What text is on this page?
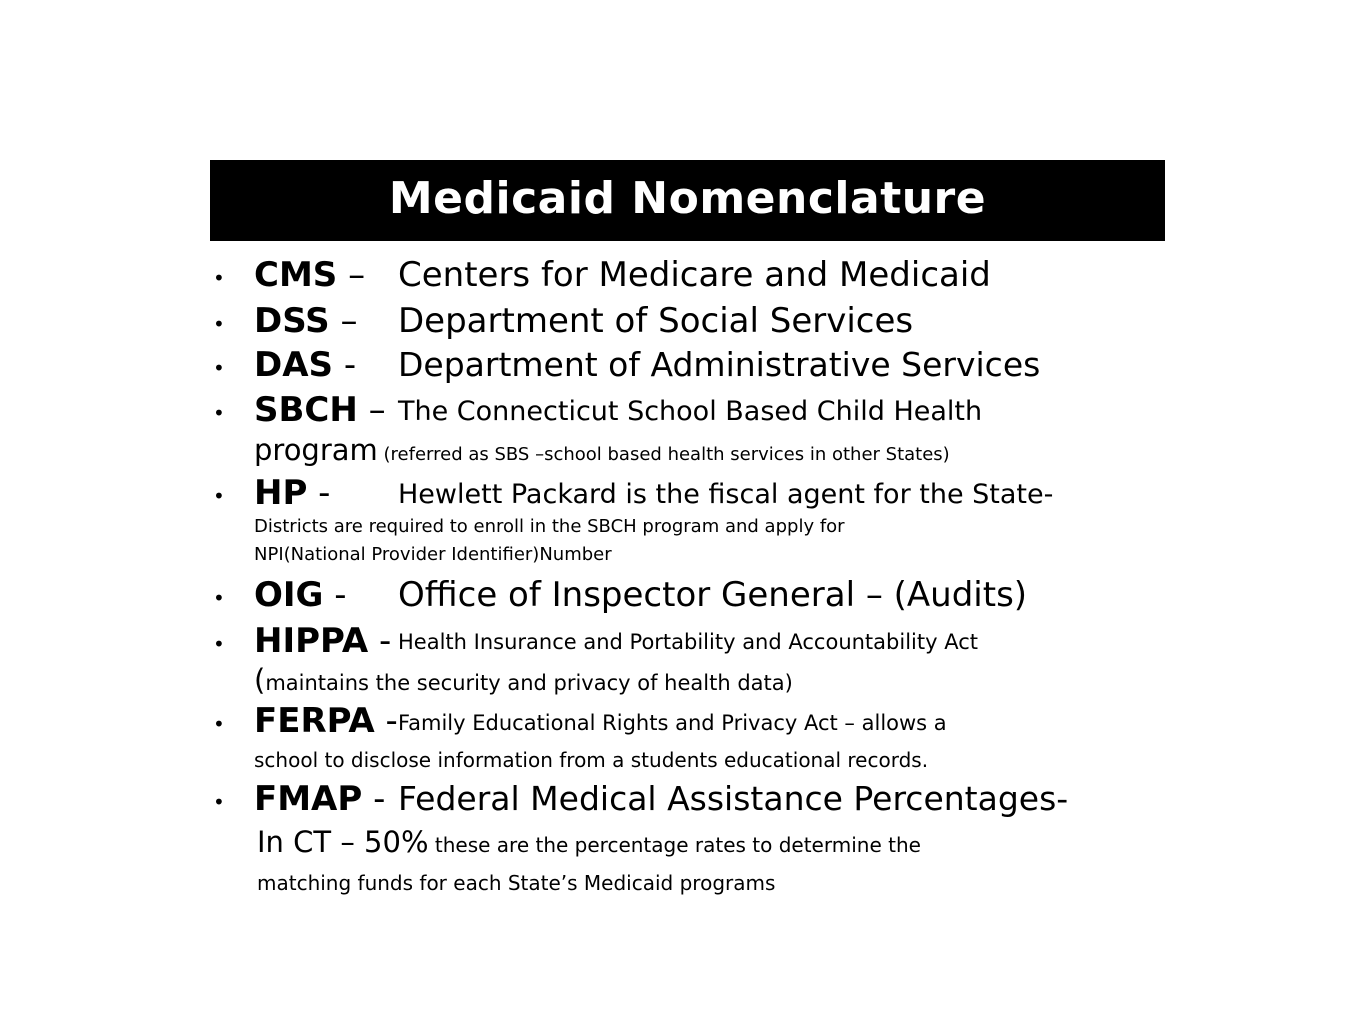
Medicaid Nomenclature
• CMS – Centers for Medicare and Medicaid
• DSS – Department of Social Services
• DAS - Department of Administrative Services
• SBCH – The Connecticut School Based Child Health
program (referred as SBS –school based health services in other States)
• HP -	Hewlett Packard is the fiscal agent for the State-
Districts are required to enroll in the SBCH program and apply for
NPI(National Provider Identifier)Number
• OIG - Office of Inspector General – (Audits)
• HIPPA - Health Insurance and Portability and Accountability Act
(maintains the security and privacy of health data)
• FERPA - Family Educational Rights and Privacy Act – allows a
school to disclose information from a students educational records.
• FMAP - Federal Medical Assistance Percentages-
In CT – 50% these are the percentage rates to determine the
matching funds for each State’s Medicaid programs
